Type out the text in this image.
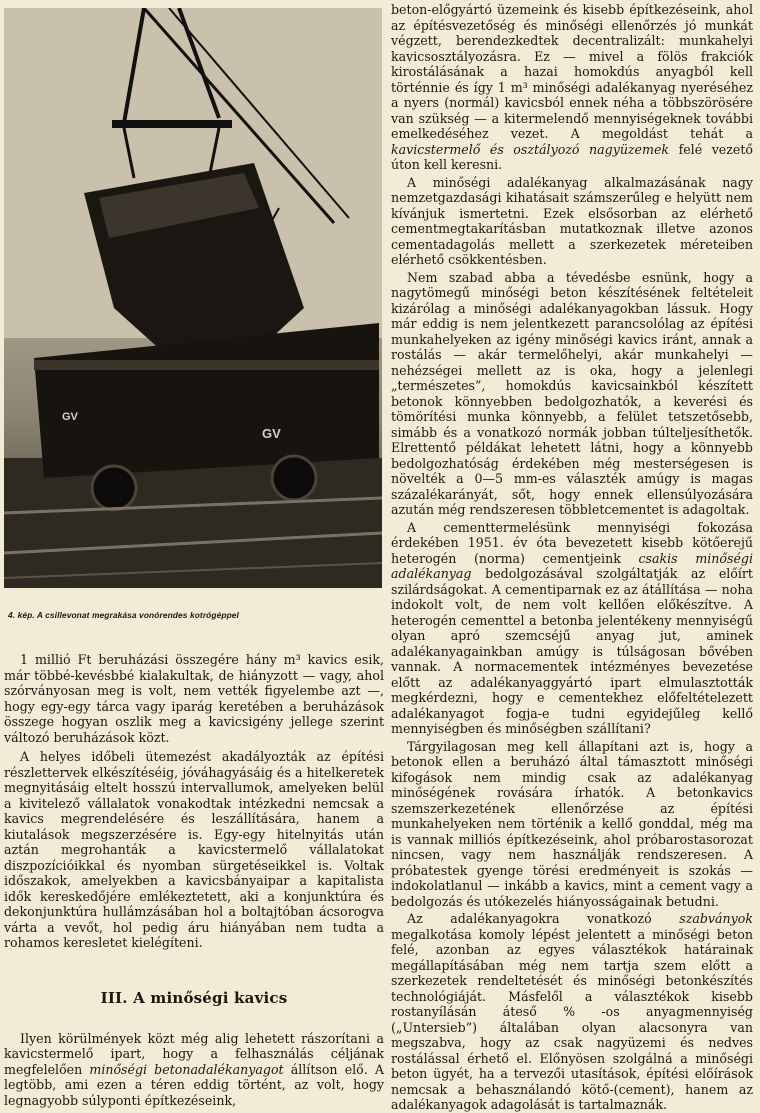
GV
GV
4. kép. A csillevonat megrakása vonórendes kotrógéppel

1 millió Ft beruházási összegére hány m³ kavics esik, már többé-kevésbbé kialakultak, de hiányzott — vagy, ahol szórványosan meg is volt, nem vették figyelembe azt —, hogy egy-egy tárca vagy iparág keretében a beruházások összege hogyan oszlik meg a kavicsigény jellege szerint változó beruházások közt.

A helyes időbeli ütemezést akadályozták az építési részlettervek elkészítéséig, jóváhagyásáig és a hitelkeretek megnyitásáig eltelt hosszú intervallumok, amelyeken belül a kivitelező vállalatok vonakodtak intézkedni nemcsak a kavics megrendelésére és leszállítására, hanem a kiutalások megszerzésére is. Egy-egy hitelnyitás után aztán megrohanták a kavicstermelő vállalatokat diszpozícióikkal és nyomban sürgetéseikkel is. Voltak időszakok, amelyekben a kavicsbányaipar a kapitalista idők kereskedőjére emlékeztetett, aki a konjunktúra és dekonjunktúra hullámzásában hol a boltajtóban ácsorogva várta a vevőt, hol pedig áru hiányában nem tudta a rohamos keresletet kielégíteni.

III. A minőségi kavics

Ilyen körülmények közt még alig lehetett rászorítani a kavicstermelő ipart, hogy a felhasználás céljának megfelelően minőségi betonadalékanyagot állítson elő. A legtöbb, ami ezen a téren eddig történt, az volt, hogy legnagyobb súlyponti építkezéseink,

beton-előgyártó üzemeink és kisebb építkezéseink, ahol az építésvezetőség és minőségi ellenőrzés jó munkát végzett, berendezkedtek decentralizált: munkahelyi kavicsosztályozásra. Ez — mivel a fölös frakciók kirostálásának a hazai homokdús anyagból kell történnie és így 1 m³ minőségi adalékanyag nyeréséhez a nyers (normál) kavicsból ennek néha a többszörösére van szükség — a kitermelendő mennyiségeknek további emelkedéséhez vezet. A megoldást tehát a kavicstermelő és osztályozó nagyüzemek felé vezető úton kell keresni.

A minőségi adalékanyag alkalmazásának nagy nemzetgazdasági kihatásait számszerűleg e helyütt nem kívánjuk ismertetni. Ezek elsősorban az elérhető cementmegtakarításban mutatkoznak illetve azonos cementadagolás mellett a szerkezetek méreteiben elérhető csökkentésben.

Nem szabad abba a tévedésbe esnünk, hogy a nagytömegű minőségi beton készítésének feltételeit kizárólag a minőségi adalékanyagokban lássuk. Hogy már eddig is nem jelentkezett parancsolólag az építési munkahelyeken az igény minőségi kavics iránt, annak a rostálás — akár termelőhelyi, akár munkahelyi — nehézségei mellett az is oka, hogy a jelenlegi „természetes”, homokdús kavicsainkból készített betonok könnyebben bedolgozhatók, a keverési és tömörítési munka könnyebb, a felület tetszetősebb, simább és a vonatkozó normák jobban túlteljesíthetők. Elrettentő példákat lehetett látni, hogy a könnyebb bedolgozhatóság érdekében még mesterségesen is növelték a 0—5 mm-es választék amúgy is magas százalékarányát, sőt, hogy ennek ellensúlyozására azután még rendszeresen többletcementet is adagoltak.

A cementtermelésünk mennyiségi fokozása érdekében 1951. év óta bevezetett kisebb kötőerejű heterogén (norma) cementjeink csakis minőségi adalékanyag bedolgozásával szolgáltatják az előírt szilárdságokat. A cementiparnak ez az átállítása — noha indokolt volt, de nem volt kellően előkészítve. A heterogén cementtel a betonba jelentékeny mennyiségű olyan apró szemcséjű anyag jut, aminek adalékanyagainkban amúgy is túlságosan bővében vannak. A normacementek intézményes bevezetése előtt az adalékanyaggyártó ipart elmulasztották megkérdezni, hogy e cementekhez előfeltételezett adalékanyagot fogja-e tudni egyidejűleg kellő mennyiségben és minőségben szállítani?

Tárgyilagosan meg kell állapítani azt is, hogy a betonok ellen a beruházó által támasztott minőségi kifogások nem mindig csak az adalékanyag minőségének rovására írhatók. A betonkavics szemszerkezetének ellenőrzése az építési munkahelyeken nem történik a kellő gonddal, még ma is vannak milliós építkezéseink, ahol próbarostasorozat nincsen, vagy nem használják rendszeresen. A próbatestek gyenge törési eredményeit is szokás — indokolatlanul — inkább a kavics, mint a cement vagy a bedolgozás és utókezelés hiányosságainak betudni.

Az adalékanyagokra vonatkozó szabványok megalkotása komoly lépést jelentett a minőségi beton felé, azonban az egyes választékok határainak megállapításában még nem tartja szem előtt a szerkezetek rendeltetését és minőségi betonkészítés technológiáját. Másfelől a választékok kisebb rostanyílásán áteső % -os anyagmennyiség („Untersieb”) általában olyan alacsonyra van megszabva, hogy az csak nagyüzemi és nedves rostálással érhető el. Előnyösen szolgálná a minőségi beton ügyét, ha a tervezői utasítások, építési előírások nemcsak a behasználandó kötő-(cement), hanem az adalékanyagok adagolását is tartalmaznák.
